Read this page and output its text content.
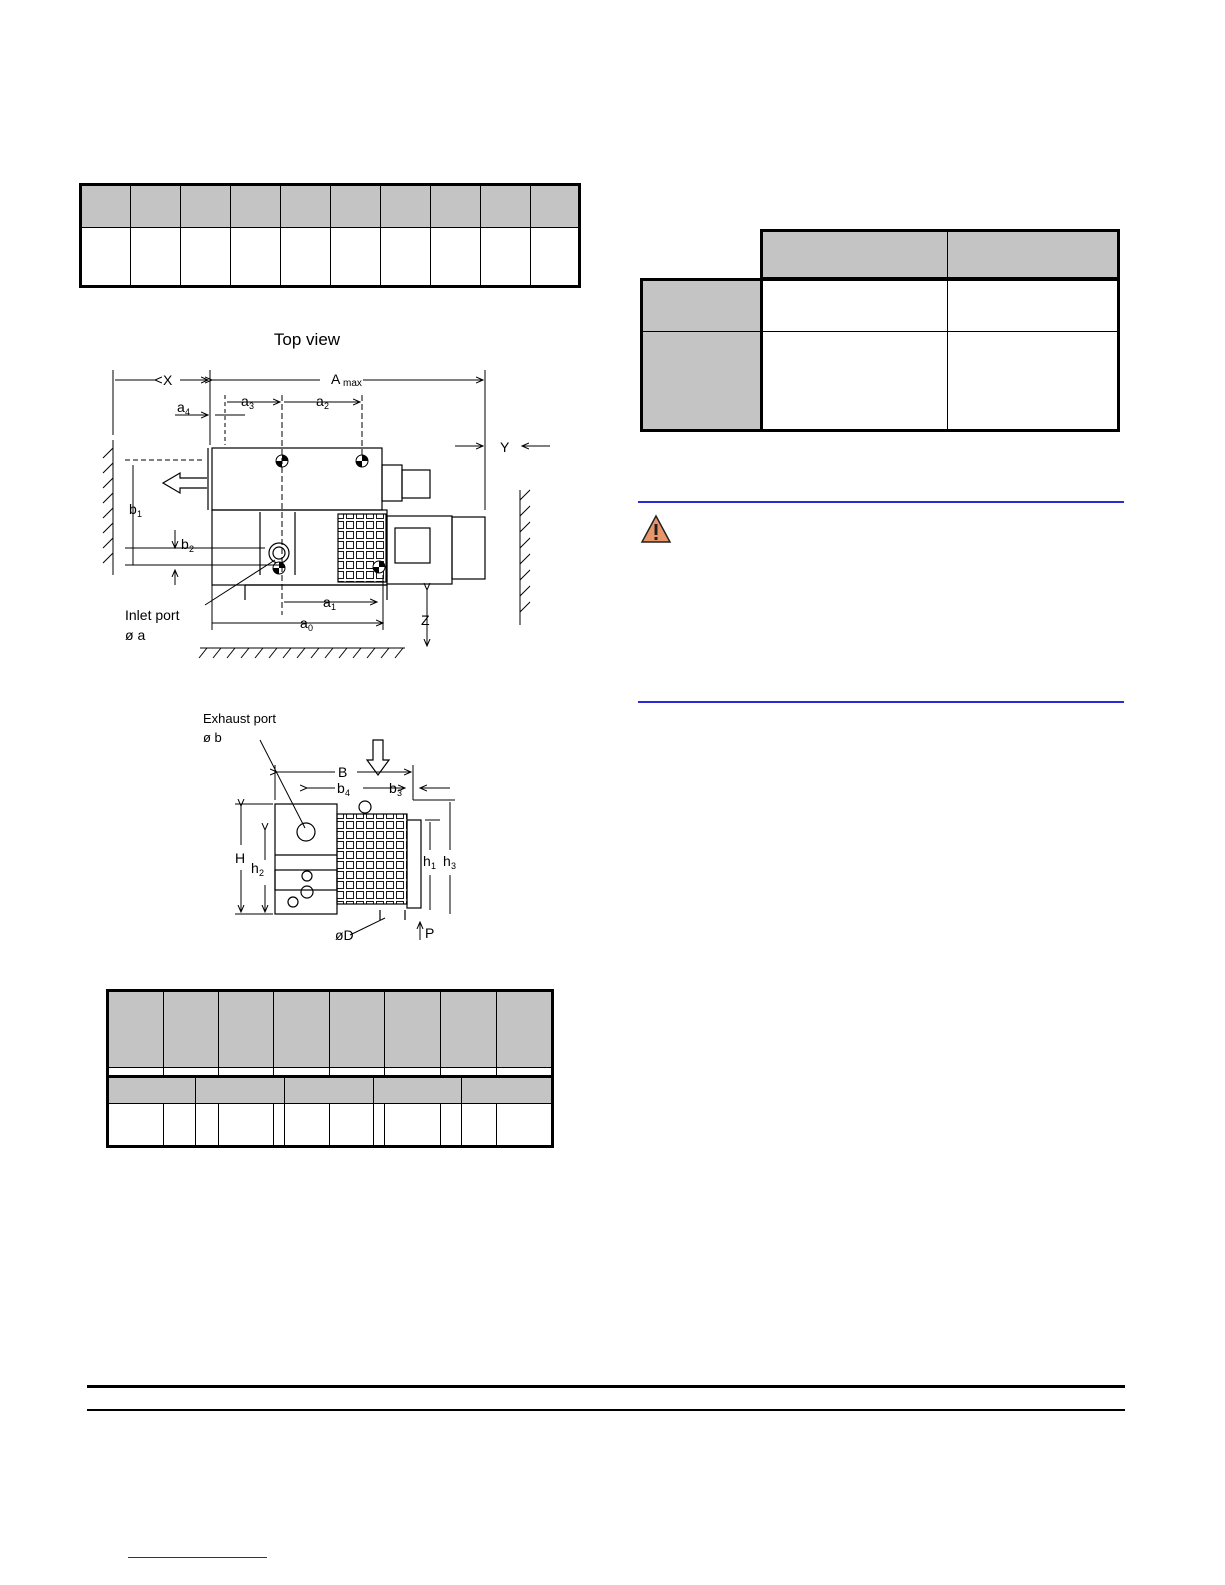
Top view
X	A max
a 4
a 3	a 2
a 1
a 0
b 1
b 2
Y
Z
Inlet port
ø a
Exhaust port
ø b
B
b 4	b 3
H
h 2
h 1 h 3
øD	P
